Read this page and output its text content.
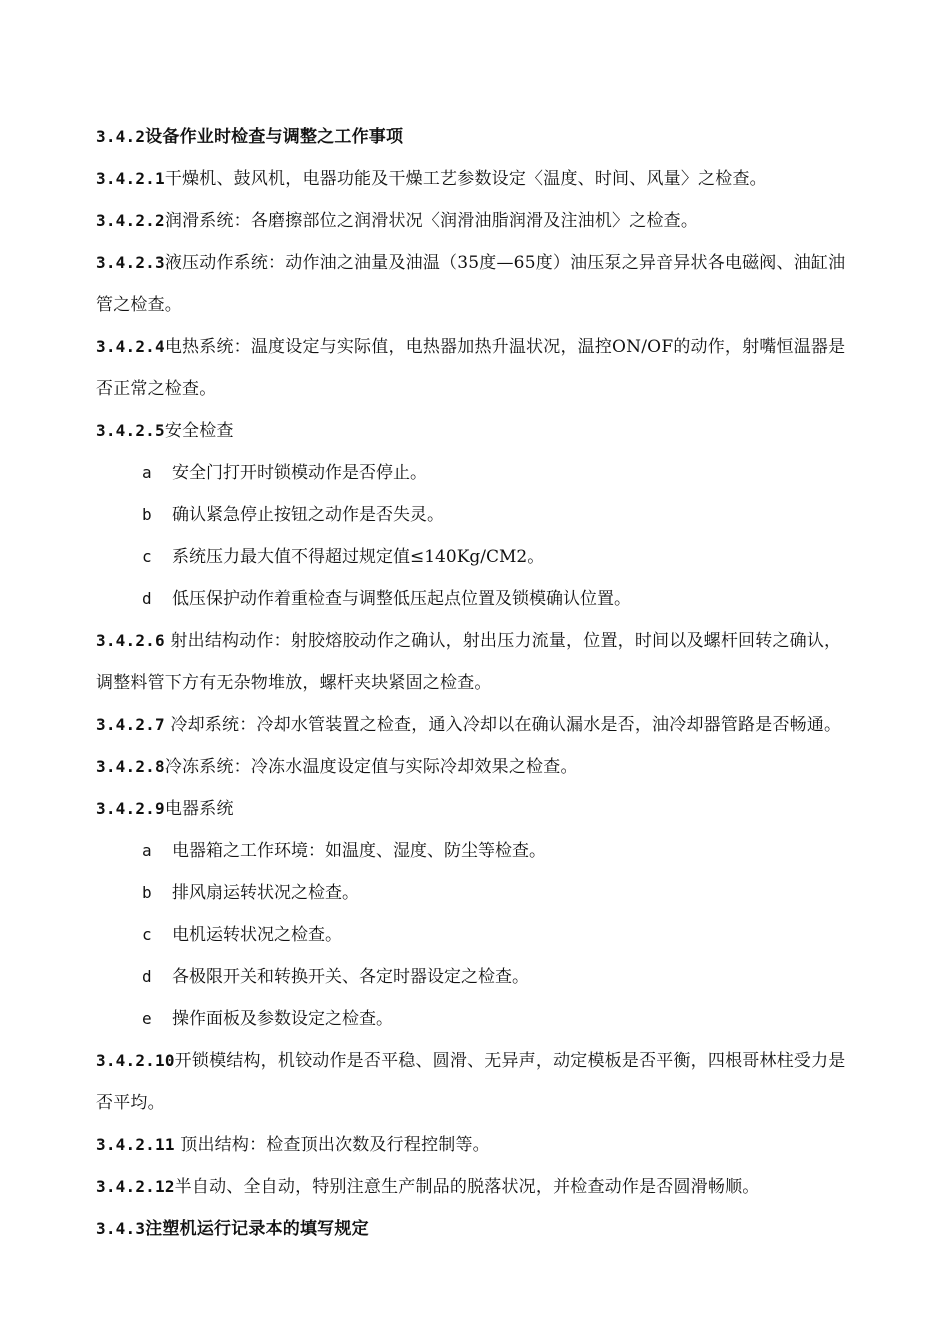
3.4.2设备作业时检查与调整之工作事项
3.4.2.1干燥机、鼓风机，电器功能及干燥工艺参数设定〈温度、时间、风量〉之检查。
3.4.2.2润滑系统：各磨擦部位之润滑状况〈润滑油脂润滑及注油机〉之检查。
3.4.2.3液压动作系统：动作油之油量及油温（35度—65度）油压泵之异音异状各电磁阀、油缸油
管之检查。
3.4.2.4电热系统：温度设定与实际值，电热器加热升温状况，温控ON/OF的动作，射嘴恒温器是
否正常之检查。
3.4.2.5安全检查
a 安全门打开时锁模动作是否停止。
b 确认紧急停止按钮之动作是否失灵。
c 系统压力最大值不得超过规定值≤140Kg/CM2。
d 低压保护动作着重检查与调整低压起点位置及锁模确认位置。
3.4.2.6 射出结构动作：射胶熔胶动作之确认，射出压力流量，位置，时间以及螺杆回转之确认，
调整料管下方有无杂物堆放，螺杆夹块紧固之检查。
3.4.2.7 冷却系统：冷却水管装置之检查，通入冷却以在确认漏水是否，油冷却器管路是否畅通。
3.4.2.8冷冻系统：冷冻水温度设定值与实际冷却效果之检查。
3.4.2.9电器系统
a 电器箱之工作环境：如温度、湿度、防尘等检查。
b 排风扇运转状况之检查。
c 电机运转状况之检查。
d 各极限开关和转换开关、各定时器设定之检查。
e 操作面板及参数设定之检查。
3.4.2.10开锁模结构，机铰动作是否平稳、圆滑、无异声，动定模板是否平衡，四根哥林柱受力是
否平均。
3.4.2.11 顶出结构：检查顶出次数及行程控制等。
3.4.2.12半自动、全自动，特别注意生产制品的脱落状况，并检查动作是否圆滑畅顺。
3.4.3注塑机运行记录本的填写规定
